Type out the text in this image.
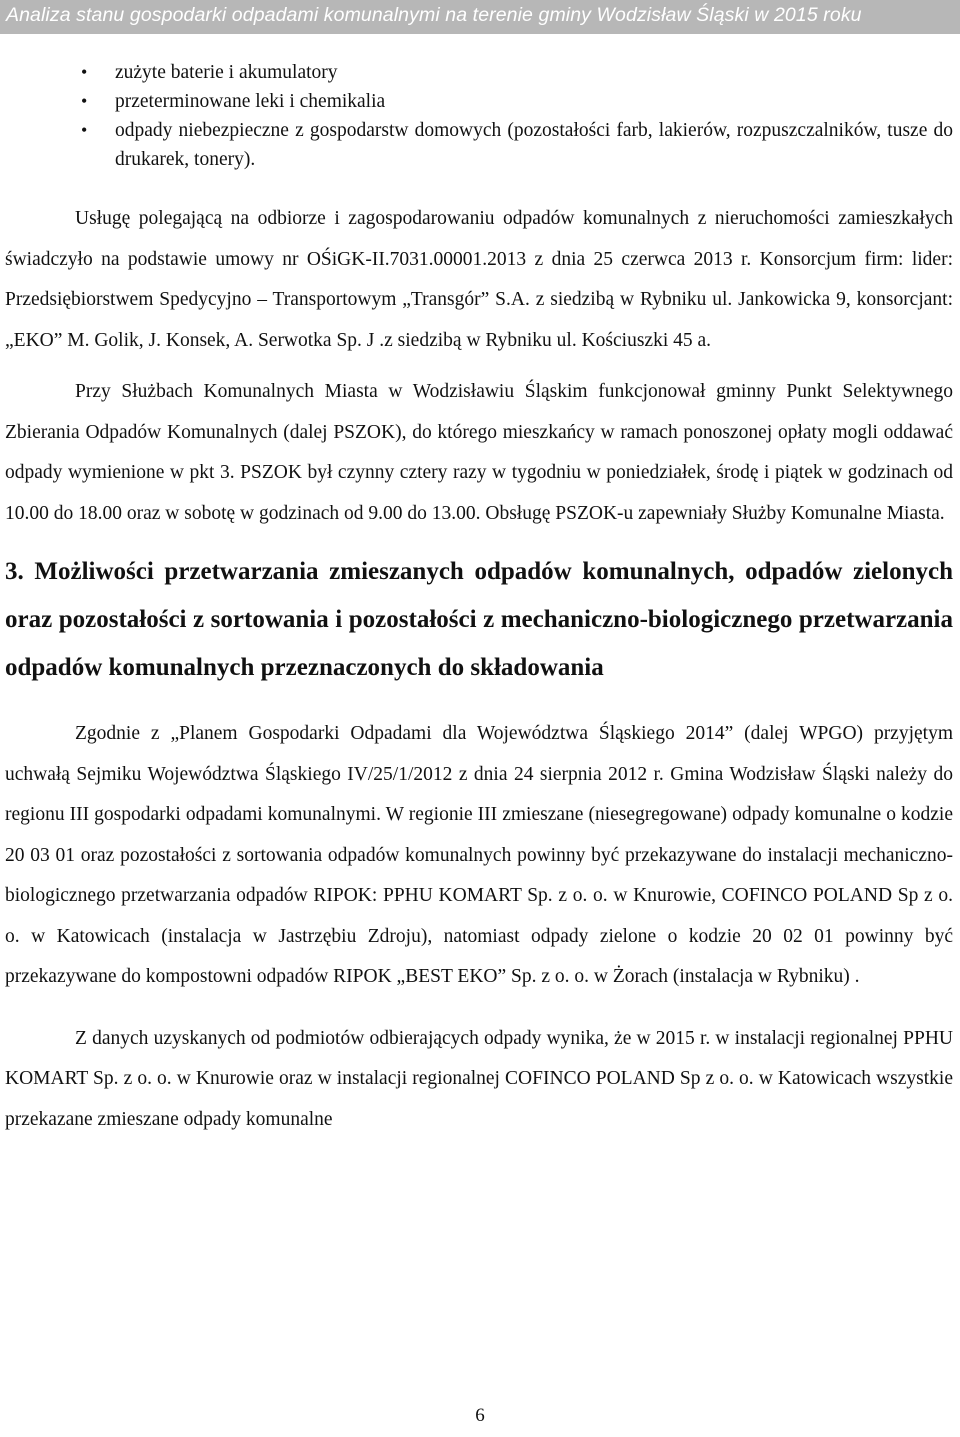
Analiza stanu gospodarki odpadami komunalnymi na terenie gminy Wodzisław Śląski w 2015 roku
• zużyte baterie i akumulatory
• przeterminowane leki i chemikalia
• odpady niebezpieczne z gospodarstw domowych (pozostałości farb, lakierów, rozpuszczalników, tusze do drukarek, tonery).

Usługę polegającą na odbiorze i zagospodarowaniu odpadów komunalnych z nieruchomości zamieszkałych świadczyło na podstawie umowy nr OŚiGK-II.7031.00001.2013 z dnia 25 czerwca 2013 r. Konsorcjum firm: lider: Przedsiębiorstwem Spedycyjno – Transportowym „Transgór” S.A. z siedzibą w Rybniku ul. Jankowicka 9, konsorcjant: „EKO” M. Golik, J. Konsek, A. Serwotka Sp. J .z siedzibą w Rybniku ul. Kościuszki 45 a.

Przy Służbach Komunalnych Miasta w Wodzisławiu Śląskim funkcjonował gminny Punkt Selektywnego Zbierania Odpadów Komunalnych (dalej PSZOK), do którego mieszkańcy w ramach ponoszonej opłaty mogli oddawać odpady wymienione w pkt 3. PSZOK był czynny cztery razy w tygodniu w poniedziałek, środę i piątek w godzinach od 10.00 do 18.00 oraz w sobotę w godzinach od 9.00 do 13.00. Obsługę PSZOK-u zapewniały Służby Komunalne Miasta.

3. Możliwości przetwarzania zmieszanych odpadów komunalnych, odpadów zielonych oraz pozostałości z sortowania i pozostałości z mechaniczno-biologicznego przetwarzania odpadów komunalnych przeznaczonych do składowania

Zgodnie z „Planem Gospodarki Odpadami dla Województwa Śląskiego 2014” (dalej WPGO) przyjętym uchwałą Sejmiku Województwa Śląskiego IV/25/1/2012 z dnia 24 sierpnia 2012 r. Gmina Wodzisław Śląski należy do regionu III gospodarki odpadami komunalnymi. W regionie III zmieszane (niesegregowane) odpady komunalne o kodzie 20 03 01 oraz pozostałości z sortowania odpadów komunalnych powinny być przekazywane do instalacji mechaniczno-biologicznego przetwarzania odpadów RIPOK: PPHU KOMART Sp. z o. o. w Knurowie, COFINCO POLAND Sp z o. o. w Katowicach (instalacja w Jastrzębiu Zdroju), natomiast odpady zielone o kodzie 20 02 01 powinny być przekazywane do kompostowni odpadów RIPOK „BEST EKO” Sp. z o. o. w Żorach (instalacja w Rybniku) .

Z danych uzyskanych od podmiotów odbierających odpady wynika, że w 2015 r. w instalacji regionalnej PPHU KOMART Sp. z o. o. w Knurowie oraz w instalacji regionalnej COFINCO POLAND Sp z o. o. w Katowicach wszystkie przekazane zmieszane odpady komunalne

6
